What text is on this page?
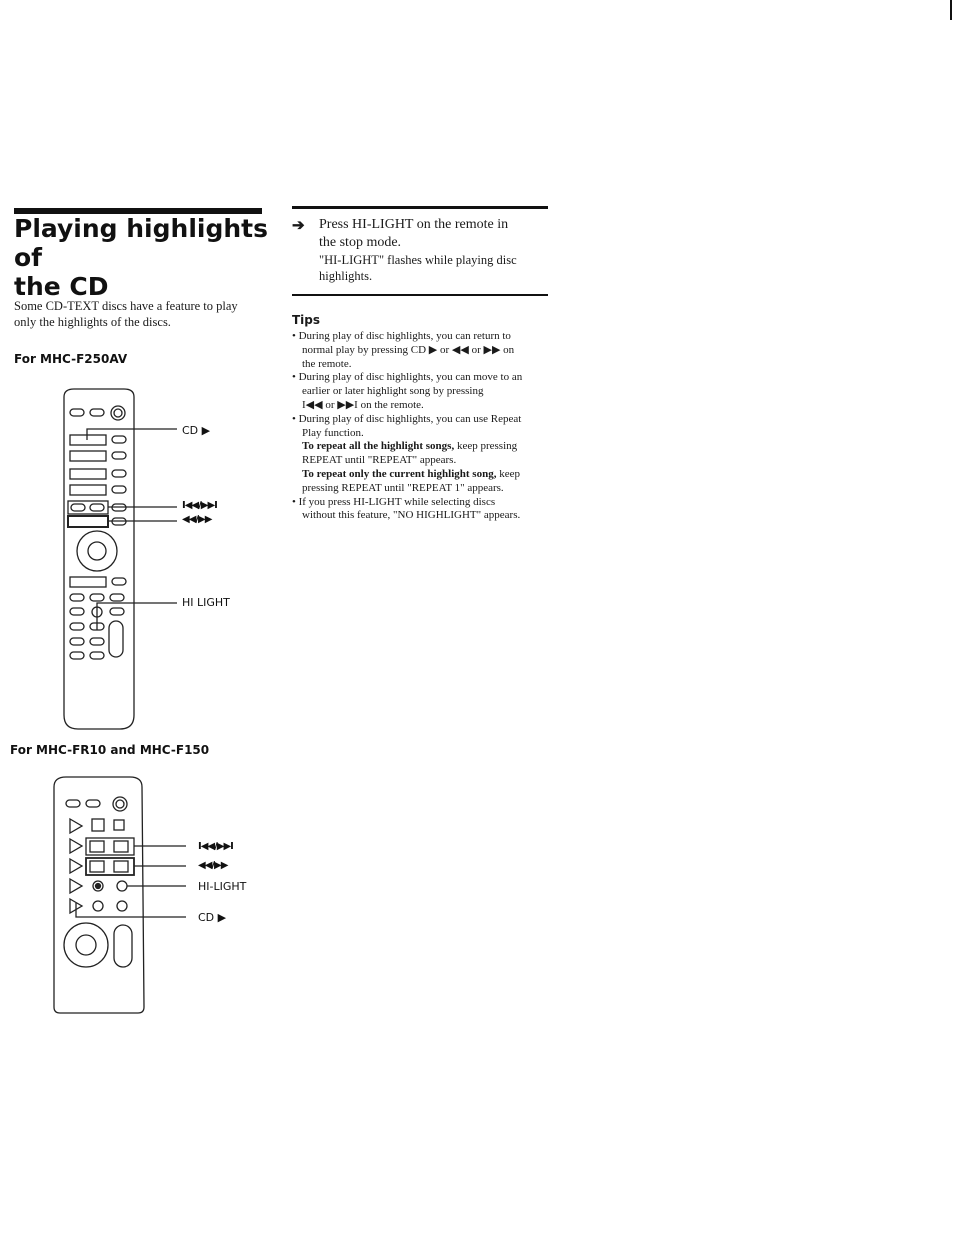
Playing highlights of
the CD
Some CD-TEXT discs have a feature to play
only the highlights of the discs.
For MHC-F250AV
CD ▶
I◀◀/▶▶I
◀◀/▶▶
HI LIGHT
For MHC-FR10 and MHC-F150
I◀◀/▶▶I
◀◀/▶▶
HI-LIGHT
CD ▶
➔ Press HI-LIGHT on the remote in
the stop mode.
"HI-LIGHT" flashes while playing disc
highlights.
Tips

• During play of disc highlights, you can return to
normal play by pressing CD ▶ or ◀◀ or ▶▶ on
the remote.

• During play of disc highlights, you can move to an
earlier or later highlight song by pressing
I◀◀ or ▶▶I on the remote.

• During play of disc highlights, you can use Repeat
Play function.
To repeat all the highlight songs, keep pressing
REPEAT until "REPEAT" appears.
To repeat only the current highlight song, keep
pressing REPEAT until "REPEAT 1" appears.

• If you press HI-LIGHT while selecting discs
without this feature, "NO HIGHLIGHT" appears.
